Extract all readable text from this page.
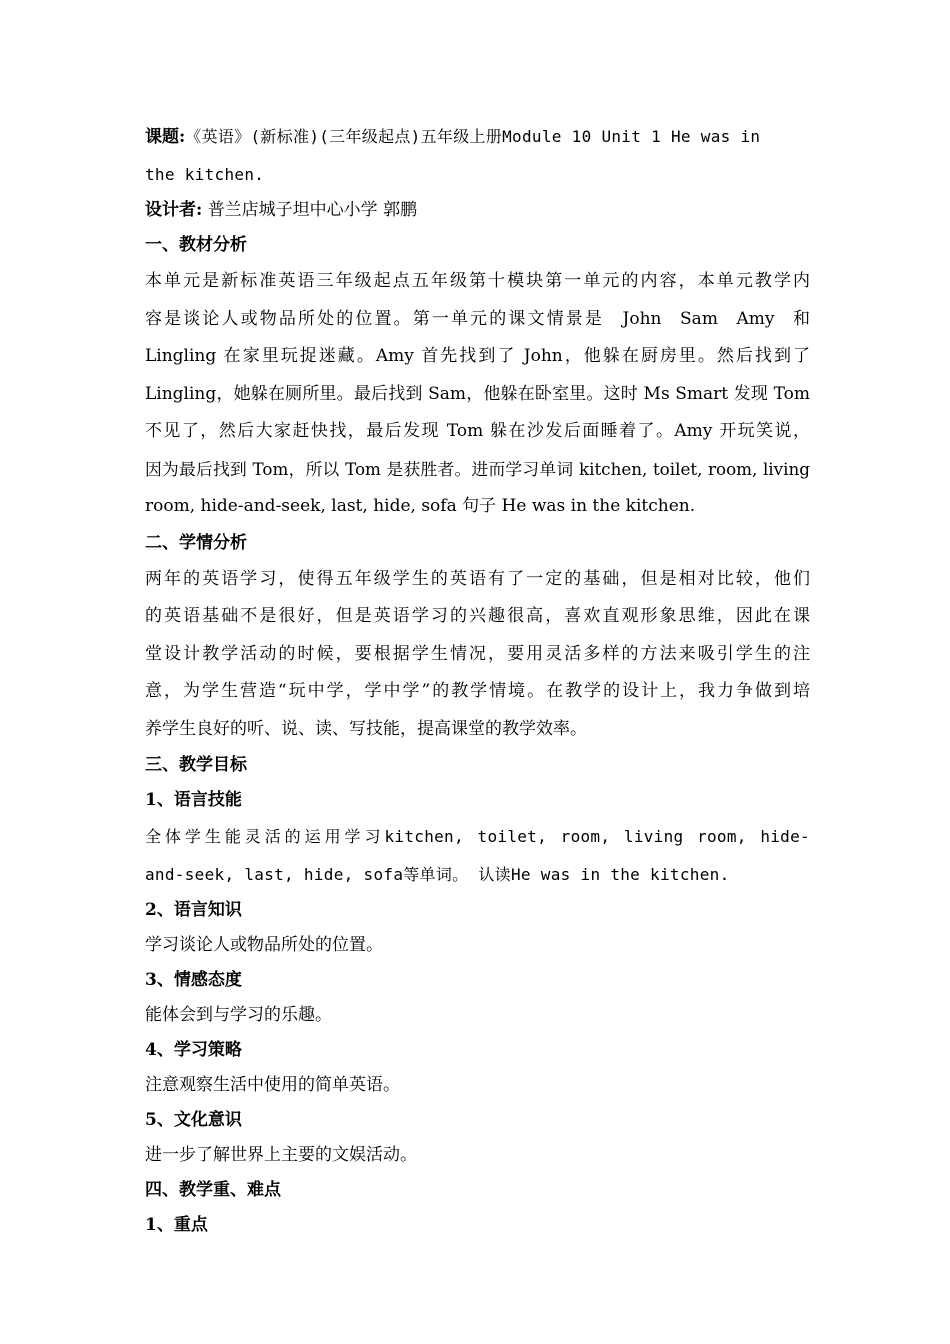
课题:《英语》(新标准)(三年级起点)五年级上册Module 10 Unit 1 He was in
the kitchen.
设计者: 普兰店城子坦中心小学 郭鹏
一、教材分析
本单元是新标准英语三年级起点五年级第十模块第一单元的内容，本单元教学内
容是谈论人或物品所处的位置。第一单元的课文情景是 John Sam Amy 和
Lingling 在家里玩捉迷藏。Amy 首先找到了 John，他躲在厨房里。然后找到了
Lingling，她躲在厕所里。最后找到 Sam，他躲在卧室里。这时 Ms Smart 发现 Tom
不见了，然后大家赶快找，最后发现 Tom 躲在沙发后面睡着了。Amy 开玩笑说，
因为最后找到 Tom，所以 Tom 是获胜者。进而学习单词 kitchen, toilet, room, living
room, hide-and-seek, last, hide, sofa 句子 He was in the kitchen.
二、学情分析
两年的英语学习，使得五年级学生的英语有了一定的基础，但是相对比较，他们
的英语基础不是很好，但是英语学习的兴趣很高，喜欢直观形象思维，因此在课
堂设计教学活动的时候，要根据学生情况，要用灵活多样的方法来吸引学生的注
意，为学生营造“玩中学，学中学”的教学情境。在教学的设计上，我力争做到培
养学生良好的听、说、读、写技能，提高课堂的教学效率。
三、教学目标
1、语言技能
全体学生能灵活的运用学习kitchen, toilet, room, living room, hide-
and-seek, last, hide, sofa等单词。 认读He was in the kitchen.
2、语言知识
学习谈论人或物品所处的位置。
3、情感态度
能体会到与学习的乐趣。
4、学习策略
注意观察生活中使用的简单英语。
5、文化意识
进一步了解世界上主要的文娱活动。
四、教学重、难点
1、重点
